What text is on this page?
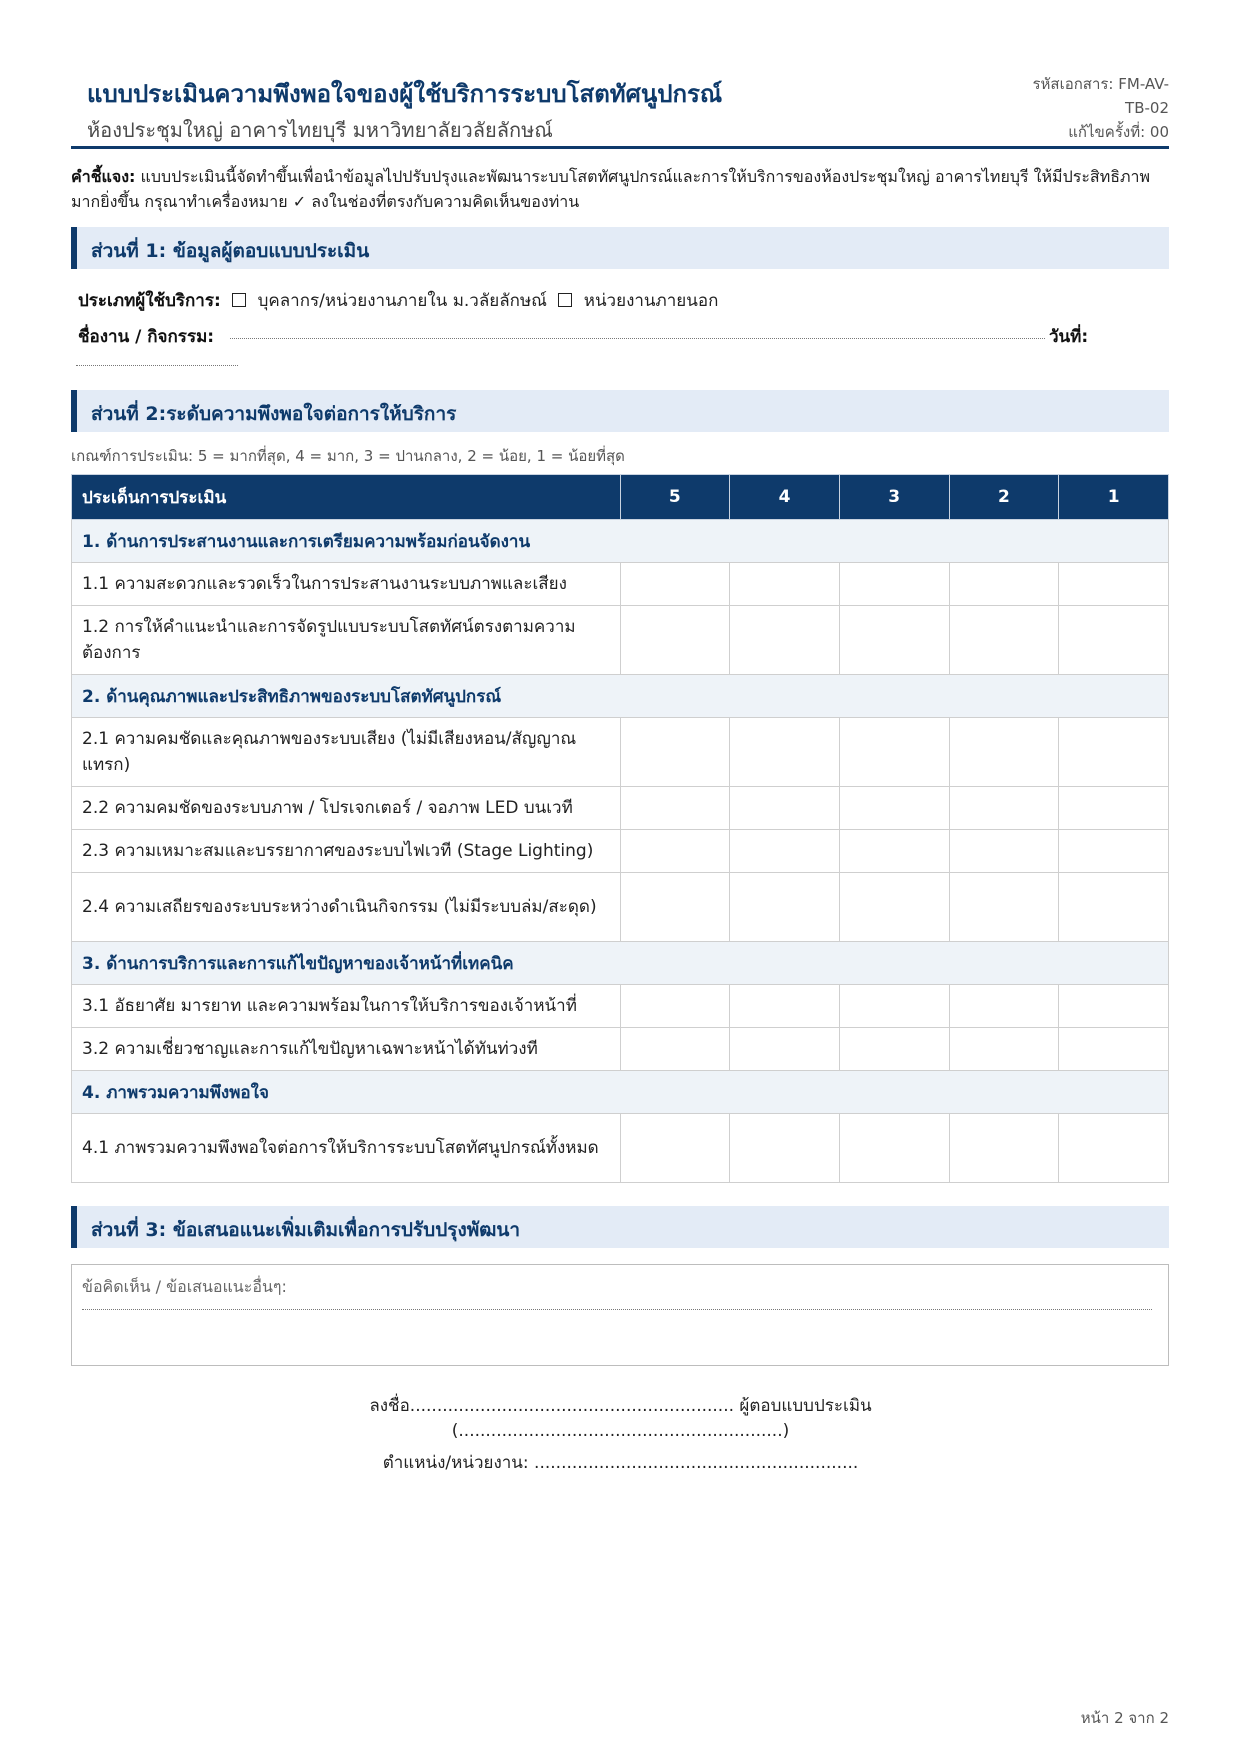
แบบประเมินความพึงพอใจของผู้ใช้บริการระบบโสตทัศนูปกรณ์
ห้องประชุมใหญ่ อาคารไทยบุรี มหาวิทยาลัยวลัยลักษณ์
รหัสเอกสาร: FM-AV-
TB-02
แก้ไขครั้งที่: 00
คำชี้แจง: แบบประเมินนี้จัดทำขึ้นเพื่อนำข้อมูลไปปรับปรุงและพัฒนาระบบโสตทัศนูปกรณ์และการให้บริการของห้องประชุมใหญ่ อาคารไทยบุรี ให้มีประสิทธิภาพมากยิ่งขึ้น กรุณาทำเครื่องหมาย ✓ ลงในช่องที่ตรงกับความคิดเห็นของท่าน
ส่วนที่ 1: ข้อมูลผู้ตอบแบบประเมิน
ประเภทผู้ใช้บริการ: บุคลากร/หน่วยงานภายใน ม.วลัยลักษณ์ หน่วยงานภายนอก
ชื่องาน / กิจกรรม:	วันที่:
ส่วนที่ 2:ระดับความพึงพอใจต่อการให้บริการ
เกณฑ์การประเมิน: 5 = มากที่สุด, 4 = มาก, 3 = ปานกลาง, 2 = น้อย, 1 = น้อยที่สุด
ประเด็นการประเมิน	5	4	3	2	1
1. ด้านการประสานงานและการเตรียมความพร้อมก่อนจัดงาน					
1.1 ความสะดวกและรวดเร็วในการประสานงานระบบภาพและเสียง					
1.2 การให้คำแนะนำและการจัดรูปแบบระบบโสตทัศน์ตรงตามความต้องการ					
2. ด้านคุณภาพและประสิทธิภาพของระบบโสตทัศนูปกรณ์					
2.1 ความคมชัดและคุณภาพของระบบเสียง (ไม่มีเสียงหอน/สัญญาณแทรก)					
2.2 ความคมชัดของระบบภาพ / โปรเจกเตอร์ / จอภาพ LED บนเวที					
2.3 ความเหมาะสมและบรรยากาศของระบบไฟเวที (Stage Lighting)					
2.4 ความเสถียรของระบบระหว่างดำเนินกิจกรรม (ไม่มีระบบล่ม/สะดุด)					
3. ด้านการบริการและการแก้ไขปัญหาของเจ้าหน้าที่เทคนิค					
3.1 อัธยาศัย มารยาท และความพร้อมในการให้บริการของเจ้าหน้าที่					
3.2 ความเชี่ยวชาญและการแก้ไขปัญหาเฉพาะหน้าได้ทันท่วงที					
4. ภาพรวมความพึงพอใจ					
4.1 ภาพรวมความพึงพอใจต่อการให้บริการระบบโสตทัศนูปกรณ์ทั้งหมด					
ส่วนที่ 3: ข้อเสนอแนะเพิ่มเติมเพื่อการปรับปรุงพัฒนา
ข้อคิดเห็น / ข้อเสนอแนะอื่นๆ:
ลงชื่อ............................................................ ผู้ตอบแบบประเมิน
(............................................................)
ตำแหน่ง/หน่วยงาน: ............................................................
หน้า 2 จาก 2
